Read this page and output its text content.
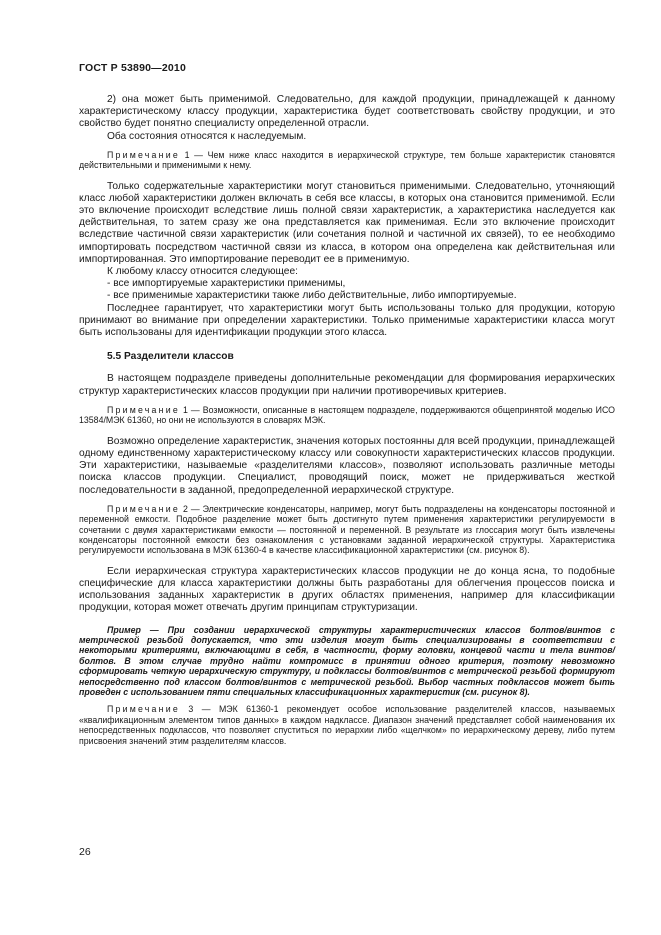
ГОСТ Р 53890—2010

2) она может быть применимой. Следовательно, для каждой продукции, принадлежащей к данному характеристическому классу продукции, характеристика будет соответствовать свойству продукции, и это свойство будет понятно специалисту определенной отрасли.

Оба состояния относятся к наследуемым.

Примечание 1 — Чем ниже класс находится в иерархической структуре, тем больше характеристик становятся действительными и применимыми к нему.

Только содержательные характеристики могут становиться применимыми. Следовательно, уточняющий класс любой характеристики должен включать в себя все классы, в которых она становится применимой. Если это включение происходит вследствие лишь полной связи характеристик, а характеристика наследуется как действительная, то затем сразу же она представляется как применимая. Если это включение происходит вследствие частичной связи характеристик (или сочетания полной и частичной их связей), то ее необходимо импортировать посредством частичной связи из класса, в котором она определена как действительная или импортированная. Это импортирование переводит ее в применимую.

К любому классу относится следующее:

- все импортируемые характеристики применимы,

- все применимые характеристики также либо действительные, либо импортируемые.

Последнее гарантирует, что характеристики могут быть использованы только для продукции, которую принимают во внимание при определении характеристики. Только применимые характеристики класса могут быть использованы для идентификации продукции этого класса.

5.5 Разделители классов

В настоящем подразделе приведены дополнительные рекомендации для формирования иерархических структур характеристических классов продукции при наличии противоречивых критериев.

Примечание 1 — Возможности, описанные в настоящем подразделе, поддерживаются общепринятой моделью ИСО 13584/МЭК 61360, но они не используются в словарях МЭК.

Возможно определение характеристик, значения которых постоянны для всей продукции, принадлежащей одному единственному характеристическому классу или совокупности характеристических классов продукции. Эти характеристики, называемые «разделителями классов», позволяют использовать различные методы поиска классов продукции. Специалист, проводящий поиск, может не придерживаться жесткой последовательности в заданной, предопределенной иерархической структуре.

Примечание 2 — Электрические конденсаторы, например, могут быть подразделены на конденсаторы постоянной и переменной емкости. Подобное разделение может быть достигнуто путем применения характеристики регулируемости в сочетании с двумя характеристиками емкости — постоянной и переменной. В результате из глоссария могут быть извлечены конденсаторы постоянной емкости без ознакомления с установками заданной иерархической структуры. Характеристика регулируемости использована в МЭК 61360-4 в качестве классификационной характеристики (см. рисунок 8).

Если иерархическая структура характеристических классов продукции не до конца ясна, то подобные специфические для класса характеристики должны быть разработаны для облегчения процессов поиска и использования заданных характеристик в других областях применения, например для классификации продукции, которая может отвечать другим принципам структуризации.

Пример — При создании иерархической структуры характеристических классов болтов/винтов с метрической резьбой допускается, что эти изделия могут быть специализированы в соответствии с некоторыми критериями, включающими в себя, в частности, форму головки, концевой части и тела винтов/болтов. В этом случае трудно найти компромисс в принятии одного критерия, поэтому невозможно сформировать четкую иерархическую структуру, и подклассы болтов/винтов с метрической резьбой формируют непосредственно под классом болтов/винтов с метрической резьбой. Выбор частных подклассов может быть проведен с использованием пяти специальных классификационных характеристик (см. рисунок 8).

Примечание 3 — МЭК 61360-1 рекомендует особое использование разделителей классов, называемых «квалификационным элементом типов данных» в каждом надклассе. Диапазон значений представляет собой наименования их непосредственных подклассов, что позволяет спуститься по иерархии либо «щелчком» по иерархическому дереву, либо путем присвоения значений этим разделителям классов.

26
